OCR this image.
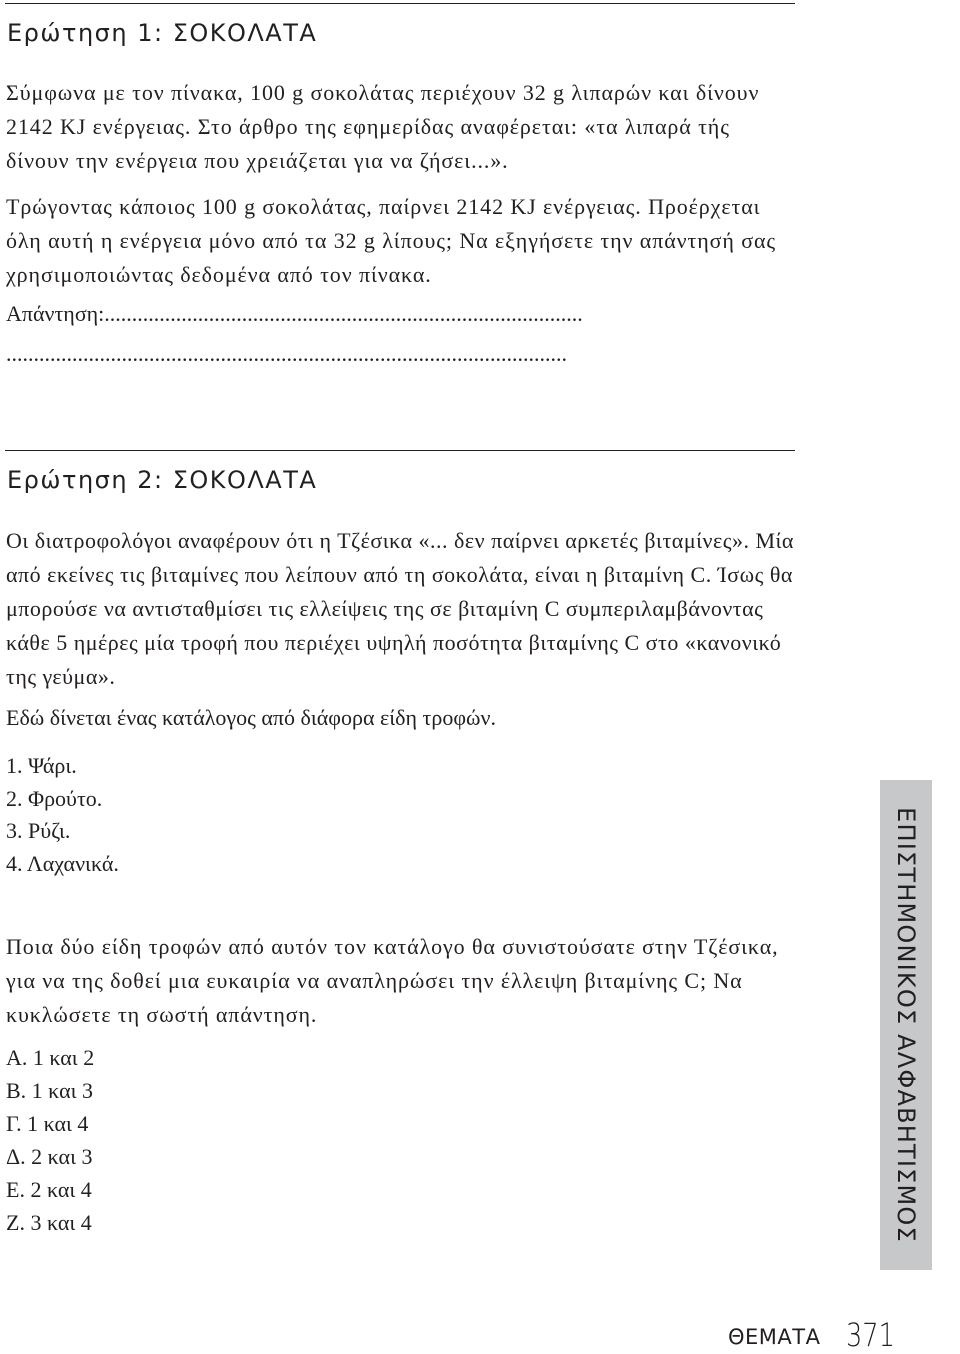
Ερώτηση 1: ΣΟΚΟΛΑΤΑ

Σύμφωνα με τον πίνακα, 100 g σοκολάτας περιέχουν 32 g λιπαρών και δίνουν 2142 KJ ενέργειας. Στο άρθρο της εφημερίδας αναφέρεται: «τα λιπαρά τής δίνουν την ενέργεια που χρειάζεται για να ζήσει...».

Τρώγοντας κάποιος 100 g σοκολάτας, παίρνει 2142 KJ ενέργειας. Προέρχεται όλη αυτή η ενέργεια μόνο από τα 32 g λίπους; Να εξηγήσετε την απάντησή σας χρησιμοποιώντας δεδομένα από τον πίνακα.

Απάντηση:.......................................................................................
......................................................................................................
Ερώτηση 2: ΣΟΚΟΛΑΤΑ

Οι διατροφολόγοι αναφέρουν ότι η Τζέσικα «... δεν παίρνει αρκετές βιταμίνες». Μία από εκείνες τις βιταμίνες που λείπουν από τη σοκολάτα, είναι η βιταμίνη C. Ίσως θα μπορούσε να αντισταθμίσει τις ελλείψεις της σε βιταμίνη C συμπεριλαμβάνοντας κάθε 5 ημέρες μία τροφή που περιέχει υψηλή ποσότητα βιταμίνης C στο «κανονικό της γεύμα».

Εδώ δίνεται ένας κατάλογος από διάφορα είδη τροφών.

1. Ψάρι.
2. Φρούτο.
3. Ρύζι.
4. Λαχανικά.

Ποια δύο είδη τροφών από αυτόν τον κατάλογο θα συνιστούσατε στην Τζέσικα, για να της δοθεί μια ευκαιρία να αναπληρώσει την έλλειψη βιταμίνης C; Να κυκλώσετε τη σωστή απάντηση.

Α. 1 και 2
Β. 1 και 3
Γ. 1 και 4
Δ. 2 και 3
Ε. 2 και 4
Ζ. 3 και 4	ΕΠΙΣΤΗΜΟΝΙΚΟΣ ΑΛΦΑΒΗΤΙΣΜΟΣ
ΘΕΜΑΤΑ 371
